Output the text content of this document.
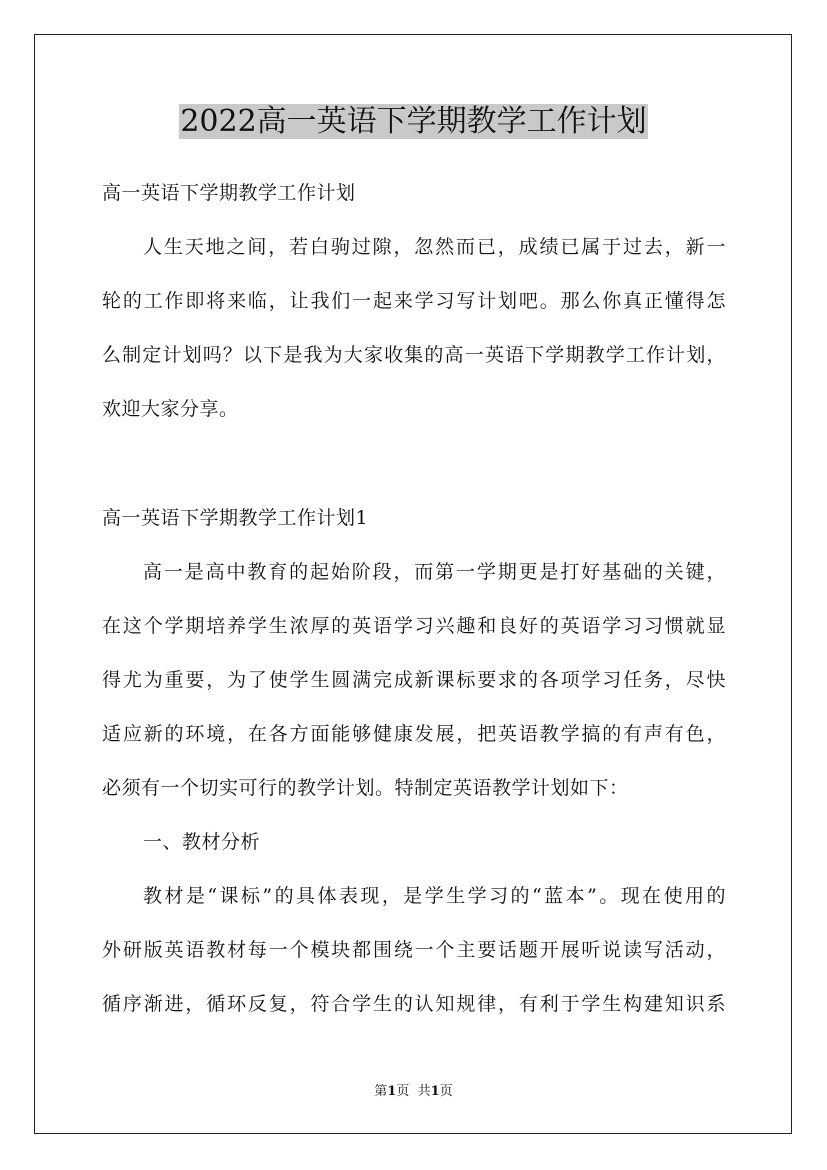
2022高一英语下学期教学工作计划
高一英语下学期教学工作计划
人生天地之间，若白驹过隙，忽然而已，成绩已属于过去，新一
轮的工作即将来临，让我们一起来学习写计划吧。那么你真正懂得怎
么制定计划吗？以下是我为大家收集的高一英语下学期教学工作计划，
欢迎大家分享。
高一英语下学期教学工作计划1
高一是高中教育的起始阶段，而第一学期更是打好基础的关键，
在这个学期培养学生浓厚的英语学习兴趣和良好的英语学习习惯就显
得尤为重要，为了使学生圆满完成新课标要求的各项学习任务，尽快
适应新的环境，在各方面能够健康发展，把英语教学搞的有声有色，
必须有一个切实可行的教学计划。特制定英语教学计划如下：
一、教材分析
教材是“课标”的具体表现，是学生学习的“蓝本”。现在使用的
外研版英语教材每一个模块都围绕一个主要话题开展听说读写活动，
循序渐进，循环反复，符合学生的认知规律，有利于学生构建知识系
第1页 共1页
